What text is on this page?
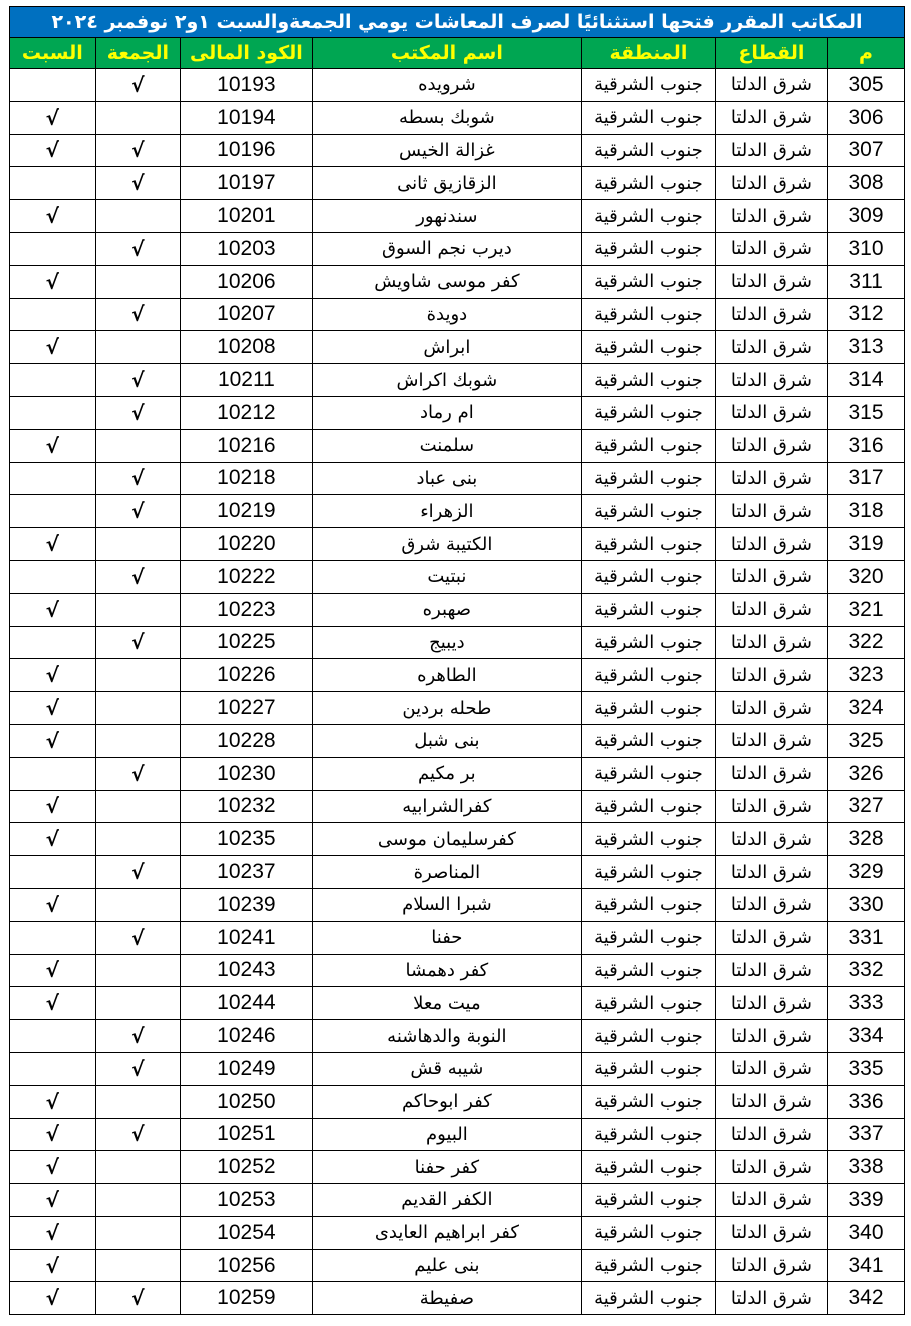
المكاتب المقرر فتحها استثنائيًا لصرف المعاشات يومي الجمعةوالسبت ١و٢ نوفمبر ٢٠٢٤						
م	القطاع	المنطقة	اسم المكتب	الكود المالى	الجمعة	السبت
305	شرق الدلتا	جنوب الشرقية	شرويده	10193	√	
306	شرق الدلتا	جنوب الشرقية	شوبك بسطه	10194		√
307	شرق الدلتا	جنوب الشرقية	غزالة الخيس	10196	√	√
308	شرق الدلتا	جنوب الشرقية	الزقازيق ثانى	10197	√	
309	شرق الدلتا	جنوب الشرقية	سندنهور	10201		√
310	شرق الدلتا	جنوب الشرقية	ديرب نجم السوق	10203	√	
311	شرق الدلتا	جنوب الشرقية	كفر موسى شاويش	10206		√
312	شرق الدلتا	جنوب الشرقية	دويدة	10207	√	
313	شرق الدلتا	جنوب الشرقية	ابراش	10208		√
314	شرق الدلتا	جنوب الشرقية	شوبك اكراش	10211	√	
315	شرق الدلتا	جنوب الشرقية	ام رماد	10212	√	
316	شرق الدلتا	جنوب الشرقية	سلمنت	10216		√
317	شرق الدلتا	جنوب الشرقية	بنى عباد	10218	√	
318	شرق الدلتا	جنوب الشرقية	الزهراء	10219	√	
319	شرق الدلتا	جنوب الشرقية	الكتيبة شرق	10220		√
320	شرق الدلتا	جنوب الشرقية	نبتيت	10222	√	
321	شرق الدلتا	جنوب الشرقية	صهبره	10223		√
322	شرق الدلتا	جنوب الشرقية	ديبيج	10225	√	
323	شرق الدلتا	جنوب الشرقية	الطاهره	10226		√
324	شرق الدلتا	جنوب الشرقية	طحله بردين	10227		√
325	شرق الدلتا	جنوب الشرقية	بنى شبل	10228		√
326	شرق الدلتا	جنوب الشرقية	بر مكيم	10230	√	
327	شرق الدلتا	جنوب الشرقية	كفرالشرابيه	10232		√
328	شرق الدلتا	جنوب الشرقية	كفرسليمان موسى	10235		√
329	شرق الدلتا	جنوب الشرقية	المناصرة	10237	√	
330	شرق الدلتا	جنوب الشرقية	شبرا السلام	10239		√
331	شرق الدلتا	جنوب الشرقية	حفنا	10241	√	
332	شرق الدلتا	جنوب الشرقية	كفر دهمشا	10243		√
333	شرق الدلتا	جنوب الشرقية	ميت معلا	10244		√
334	شرق الدلتا	جنوب الشرقية	النوبة والدهاشنه	10246	√	
335	شرق الدلتا	جنوب الشرقية	شيبه قش	10249	√	
336	شرق الدلتا	جنوب الشرقية	كفر ابوحاكم	10250		√
337	شرق الدلتا	جنوب الشرقية	البيوم	10251	√	√
338	شرق الدلتا	جنوب الشرقية	كفر حفنا	10252		√
339	شرق الدلتا	جنوب الشرقية	الكفر القديم	10253		√
340	شرق الدلتا	جنوب الشرقية	كفر ابراهيم العايدى	10254		√
341	شرق الدلتا	جنوب الشرقية	بنى عليم	10256		√
342	شرق الدلتا	جنوب الشرقية	صفيطة	10259	√	√
